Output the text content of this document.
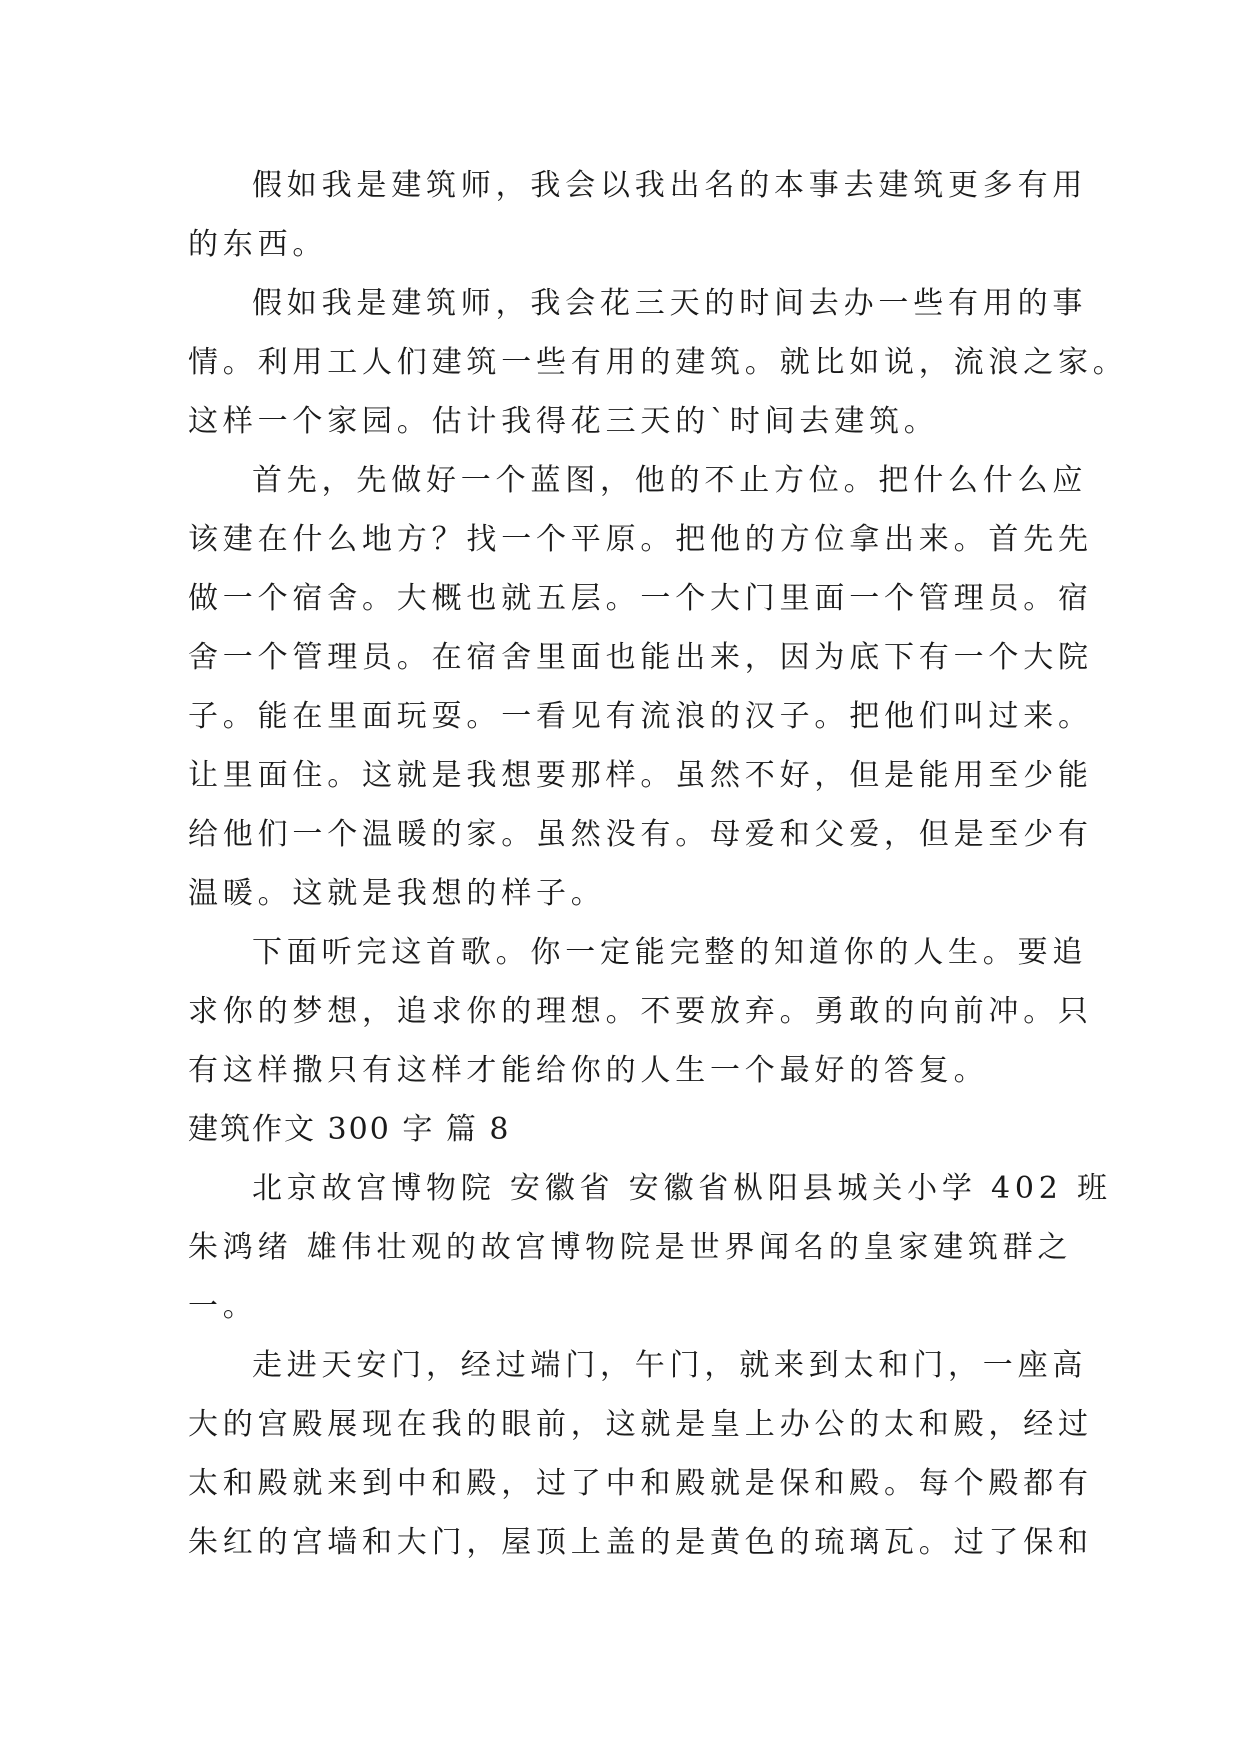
假如我是建筑师，我会以我出名的本事去建筑更多有用
的东西。
假如我是建筑师，我会花三天的时间去办一些有用的事
情。利用工人们建筑一些有用的建筑。就比如说，流浪之家。
这样一个家园。估计我得花三天的`时间去建筑。
首先，先做好一个蓝图，他的不止方位。把什么什么应
该建在什么地方？找一个平原。把他的方位拿出来。首先先
做一个宿舍。大概也就五层。一个大门里面一个管理员。宿
舍一个管理员。在宿舍里面也能出来，因为底下有一个大院
子。能在里面玩耍。一看见有流浪的汉子。把他们叫过来。
让里面住。这就是我想要那样。虽然不好，但是能用至少能
给他们一个温暖的家。虽然没有。母爱和父爱，但是至少有
温暖。这就是我想的样子。
下面听完这首歌。你一定能完整的知道你的人生。要追
求你的梦想，追求你的理想。不要放弃。勇敢的向前冲。只
有这样撒只有这样才能给你的人生一个最好的答复。
建筑作文 300 字 篇 8
北京故宫博物院 安徽省 安徽省枞阳县城关小学 402 班
朱鸿绪 雄伟壮观的故宫博物院是世界闻名的皇家建筑群之
一。
走进天安门，经过端门，午门，就来到太和门，一座高
大的宫殿展现在我的眼前，这就是皇上办公的太和殿，经过
太和殿就来到中和殿，过了中和殿就是保和殿。每个殿都有
朱红的宫墙和大门，屋顶上盖的是黄色的琉璃瓦。过了保和
